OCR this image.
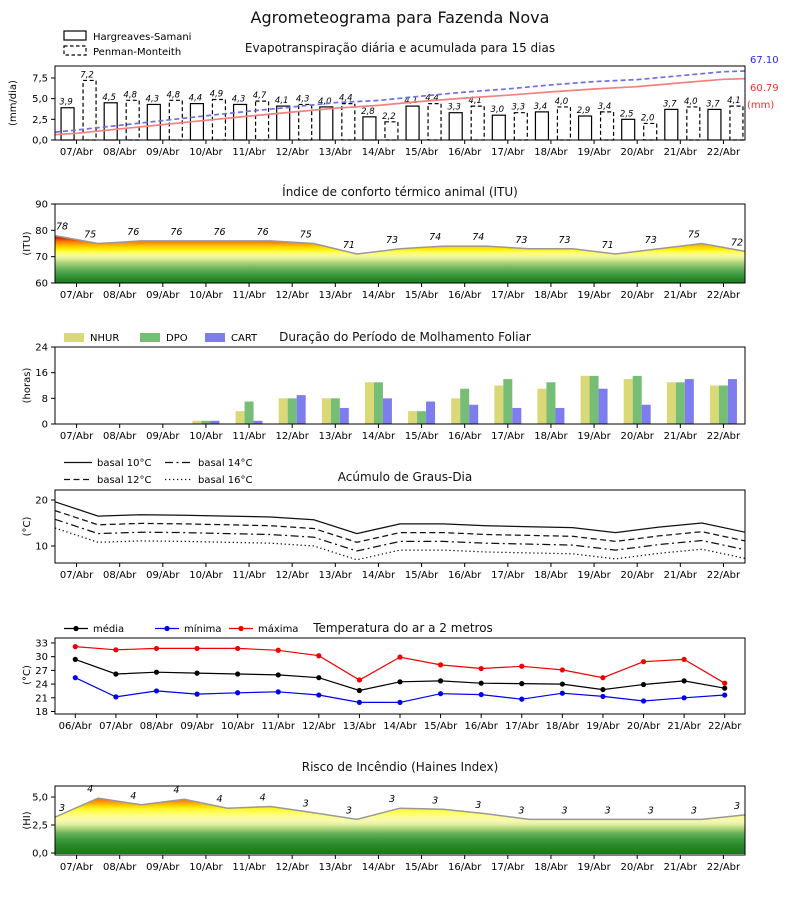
Agrometeograma para Fazenda Nova
Evapotranspiração diária e acumulada para 15 dias
Índice de conforto térmico animal (ITU)
Duração do Período de Molhamento Foliar
Acúmulo de Graus-Dia
Temperatura do ar a 2 metros
Risco de Incêndio (Haines Index)
(mm/dia)	3,9
7,2
4,5 4,8 4,3 4,8 4,4 4,9 4,3 4,7 4,1 4,3 4,0 4,4
2,8 2,2
4,1 4,4
3,3
4,1
3,0 3,3 3,4 4,0
2,9 3,4
2,5 2,0
3,7 4,0 3,7 4,1
0,0
2,5
5,0
7,5
07/Abr 08/Abr 09/Abr 10/Abr 11/Abr 12/Abr 13/Abr 14/Abr 15/Abr 16/Abr 17/Abr 18/Abr 19/Abr 20/Abr 21/Abr 22/Abr
67.10
60.79
(mm)
Hargreaves-Samani
Penman-Monteith
60
70
80
90
07/Abr 08/Abr 09/Abr 10/Abr 11/Abr 12/Abr 13/Abr 14/Abr 15/Abr 16/Abr 17/Abr 18/Abr 19/Abr 20/Abr 21/Abr 22/Abr
78
75	76	76	76	76	75
71	73	74	74	73	73	71	73	75
72
(ITU)
(horas)
0
8
16
24
07/Abr 08/Abr 09/Abr 10/Abr 11/Abr 12/Abr 13/Abr 14/Abr 15/Abr 16/Abr 17/Abr 18/Abr 19/Abr 20/Abr 21/Abr 22/Abr
NHUR	DPO	CART
(°C)
10
20
07/Abr 08/Abr 09/Abr 10/Abr 11/Abr 12/Abr 13/Abr 14/Abr 15/Abr 16/Abr 17/Abr 18/Abr 19/Abr 20/Abr 21/Abr 22/Abr
basal 10°C
basal 12°C
basal 14°C
basal 16°C
(°C)
18
21
24
27
30
33
06/Abr 07/Abr 08/Abr 09/Abr 10/Abr 11/Abr 12/Abr 13/Abr 14/Abr 15/Abr 16/Abr 17/Abr 18/Abr 19/Abr 20/Abr 21/Abr 22/Abr
média	mínima	máxima
0,0
2,5
5,0
07/Abr 08/Abr 09/Abr 10/Abr 11/Abr 12/Abr 13/Abr 14/Abr 15/Abr 16/Abr 17/Abr 18/Abr 19/Abr 20/Abr 21/Abr 22/Abr
3
4
4
4
4	4
3
3
3	3	3
3	3	3	3	3	3
(HI)
